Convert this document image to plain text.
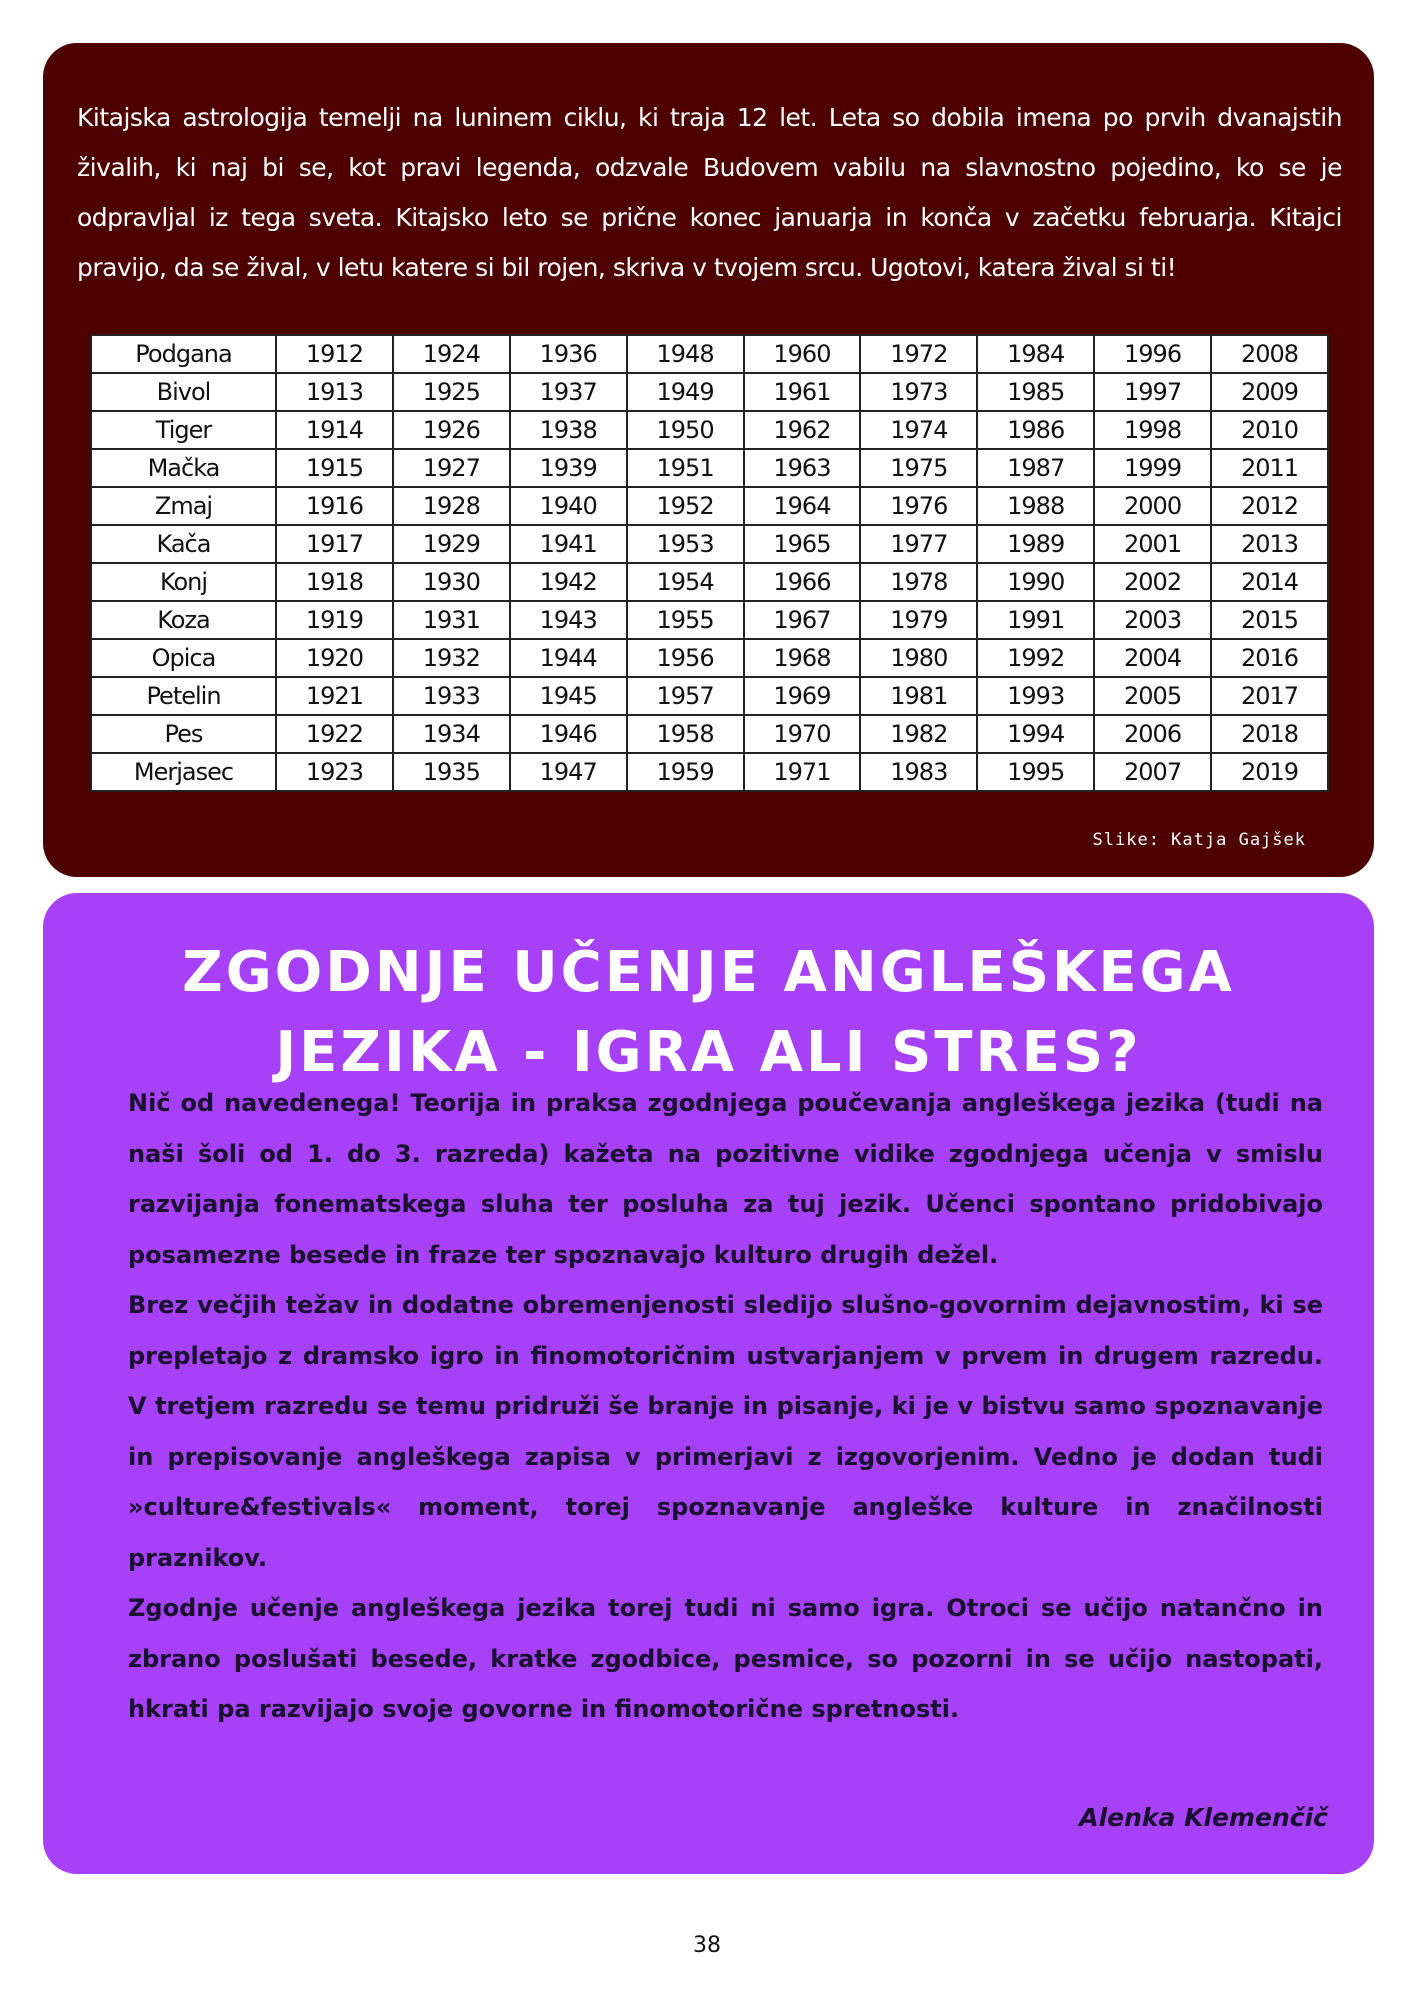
Kitajska astrologija temelji na luninem ciklu, ki traja 12 let. Leta so dobila imena po prvih dvanajstih živalih, ki naj bi se, kot pravi legenda, odzvale Budovem vabilu na slavnostno pojedino, ko se je odpravljal iz tega sveta. Kitajsko leto se prične konec januarja in konča v začetku februarja. Kitajci pravijo, da se žival, v letu katere si bil rojen, skriva v tvojem srcu. Ugotovi, katera žival si ti!

Podgana	1912	1924	1936	1948	1960	1972	1984	1996	2008
Bivol	1913	1925	1937	1949	1961	1973	1985	1997	2009
Tiger	1914	1926	1938	1950	1962	1974	1986	1998	2010
Mačka	1915	1927	1939	1951	1963	1975	1987	1999	2011
Zmaj	1916	1928	1940	1952	1964	1976	1988	2000	2012
Kača	1917	1929	1941	1953	1965	1977	1989	2001	2013
Konj	1918	1930	1942	1954	1966	1978	1990	2002	2014
Koza	1919	1931	1943	1955	1967	1979	1991	2003	2015
Opica	1920	1932	1944	1956	1968	1980	1992	2004	2016
Petelin	1921	1933	1945	1957	1969	1981	1993	2005	2017
Pes	1922	1934	1946	1958	1970	1982	1994	2006	2018
Merjasec	1923	1935	1947	1959	1971	1983	1995	2007	2019
Slike: Katja Gajšek
ZGODNJE UČENJE ANGLEŠKEGA
JEZIKA - IGRA ALI STRES?

Nič od navedenega! Teorija in praksa zgodnjega poučevanja angleškega jezika (tudi na naši šoli od 1. do 3. razreda) kažeta na pozitivne vidike zgodnjega učenja v smislu razvijanja fonematskega sluha ter posluha za tuj jezik. Učenci spontano pridobivajo posamezne besede in fraze ter spoznavajo kulturo drugih dežel.

Brez večjih težav in dodatne obremenjenosti sledijo slušno-govornim dejavnostim, ki se prepletajo z dramsko igro in finomotoričnim ustvarjanjem v prvem in drugem razredu. V tretjem razredu se temu pridruži še branje in pisanje, ki je v bistvu samo spoznavanje in prepisovanje angleškega zapisa v primerjavi z izgovorjenim. Vedno je dodan tudi »culture&festivals« moment, torej spoznavanje angleške kulture in značilnosti praznikov.

Zgodnje učenje angleškega jezika torej tudi ni samo igra. Otroci se učijo natančno in zbrano poslušati besede, kratke zgodbice, pesmice, so pozorni in se učijo nastopati, hkrati pa razvijajo svoje govorne in finomotorične spretnosti.

Alenka Klemenčič
38
